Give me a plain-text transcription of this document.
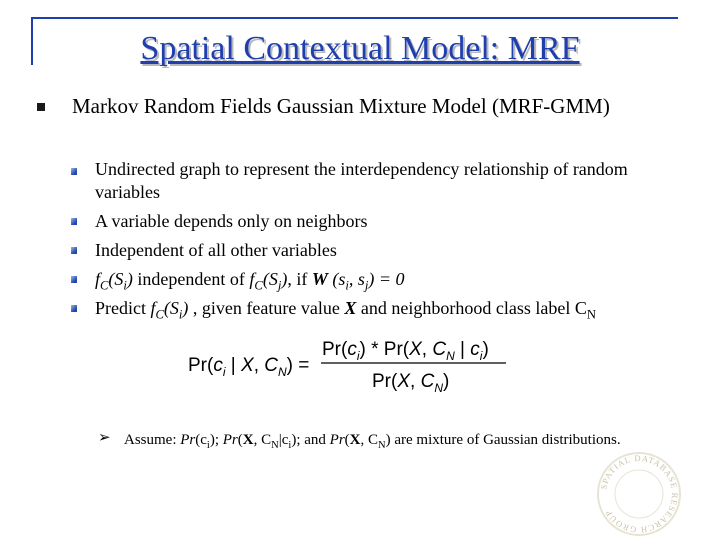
Spatial Contextual Model: MRF
Markov Random Fields Gaussian Mixture Model (MRF-GMM)
Undirected graph to represent the interdependency relationship of random variables
A variable depends only on neighbors
Independent of all other variables
$f_C(S_i)$ independent of $f_C(S_j)$, if W ($s_i$, $s_j) = 0$
Predict $f_C(S_i)$ , given feature value X and neighborhood class label $C_N$
$Pr(c_i$ | X, $C_N$) =
$Pr(c_i) * Pr(X$, $C_N$ | $c_i$)
Pr(X, $C_N$)
➢ Assume: $Pr(c_i)$; Pr(X, $C_N|c_i$); and Pr(X, $C_N$) are mixture of Gaussian distributions.
SPATIAL DATABASE RESEARCH GROUP
